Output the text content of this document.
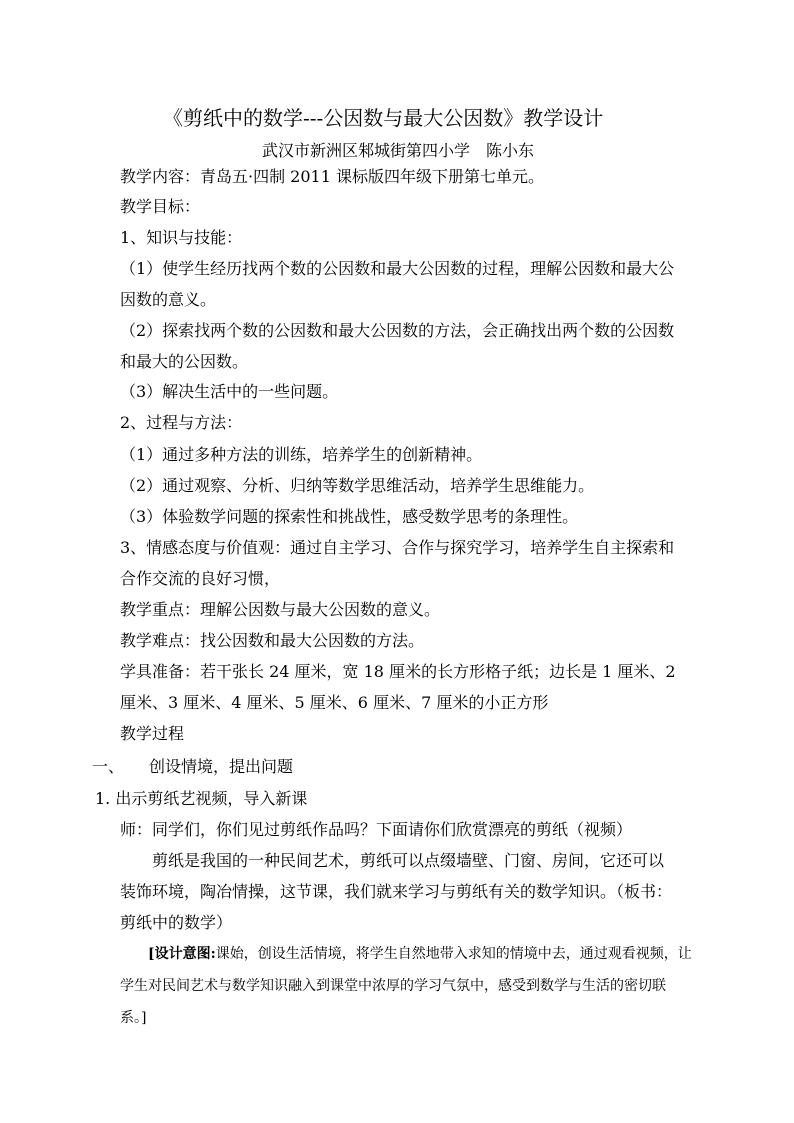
《剪纸中的数学---公因数与最大公因数》教学设计
武汉市新洲区邾城街第四小学　陈小东
教学内容：青岛五·四制 2011 课标版四年级下册第七单元。
教学目标：
1、知识与技能：
（1）使学生经历找两个数的公因数和最大公因数的过程，理解公因数和最大公
因数的意义。
（2）探索找两个数的公因数和最大公因数的方法，会正确找出两个数的公因数
和最大的公因数。
（3）解决生活中的一些问题。
2、过程与方法：
（1）通过多种方法的训练，培养学生的创新精神。
（2）通过观察、分析、归纳等数学思维活动，培养学生思维能力。
（3）体验数学问题的探索性和挑战性，感受数学思考的条理性。
3、情感态度与价值观：通过自主学习、合作与探究学习，培养学生自主探索和
合作交流的良好习惯，
教学重点：理解公因数与最大公因数的意义。
教学难点：找公因数和最大公因数的方法。
学具准备：若干张长 24 厘米，宽 18 厘米的长方形格子纸；边长是 1 厘米、2
厘米、3 厘米、4 厘米、5 厘米、6 厘米、7 厘米的小正方形
教学过程
一、 创设情境，提出问题
1. 出示剪纸艺视频，导入新课
师：同学们，你们见过剪纸作品吗？下面请你们欣赏漂亮的剪纸（视频）
剪纸是我国的一种民间艺术，剪纸可以点缀墙壁、门窗、房间，它还可以
装饰环境，陶冶情操，这节课，我们就来学习与剪纸有关的数学知识。（板书：
剪纸中的数学）
[设计意图:课始，创设生活情境，将学生自然地带入求知的情境中去，通过观看视频，让
学生对民间艺术与数学知识融入到课堂中浓厚的学习气氛中，感受到数学与生活的密切联
系。]
